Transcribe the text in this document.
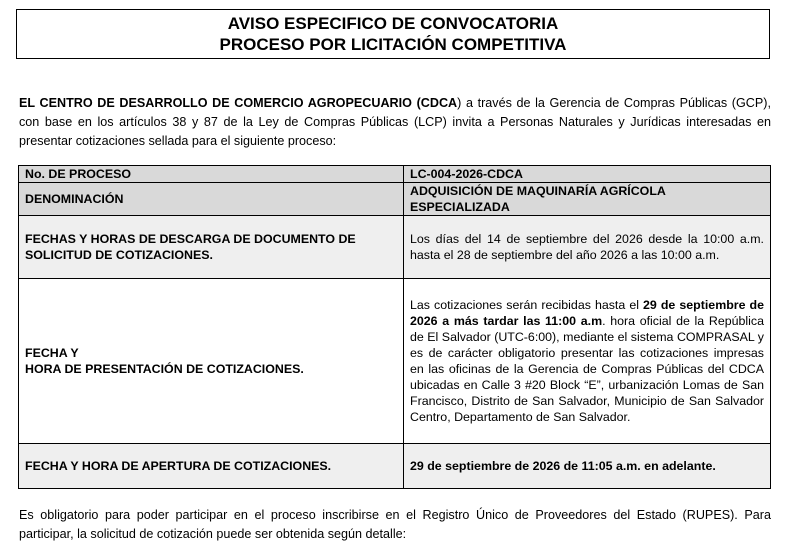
AVISO ESPECIFICO DE CONVOCATORIA
PROCESO POR LICITACIÓN COMPETITIVA
EL CENTRO DE DESARROLLO DE COMERCIO AGROPECUARIO (CDCA) a través de la Gerencia de Compras Públicas (GCP), con base en los artículos 38 y 87 de la Ley de Compras Públicas (LCP) invita a Personas Naturales y Jurídicas interesadas en presentar cotizaciones sellada para el siguiente proceso:
No. DE PROCESO	LC-004-2026-CDCA
DENOMINACIÓN	ADQUISICIÓN DE MAQUINARÍA AGRÍCOLA ESPECIALIZADA
FECHAS Y HORAS DE DESCARGA DE DOCUMENTO DE SOLICITUD DE COTIZACIONES.	Los días del 14 de septiembre del 2026 desde la 10:00 a.m. hasta el 28 de septiembre del año 2026 a las 10:00 a.m.
FECHA Y
HORA DE PRESENTACIÓN DE COTIZACIONES.	Las cotizaciones serán recibidas hasta el 29 de septiembre de 2026 a más tardar las 11:00 a.m. hora oficial de la República de El Salvador (UTC-6:00), mediante el sistema COMPRASAL y es de carácter obligatorio presentar las cotizaciones impresas en las oficinas de la Gerencia de Compras Públicas del CDCA ubicadas en Calle 3 #20 Block “E”, urbanización Lomas de San Francisco, Distrito de San Salvador, Municipio de San Salvador Centro, Departamento de San Salvador.
FECHA Y HORA DE APERTURA DE COTIZACIONES.	29 de septiembre de 2026 de 11:05 a.m. en adelante.
Es obligatorio para poder participar en el proceso inscribirse en el Registro Único de Proveedores del Estado (RUPES). Para participar, la solicitud de cotización puede ser obtenida según detalle:
